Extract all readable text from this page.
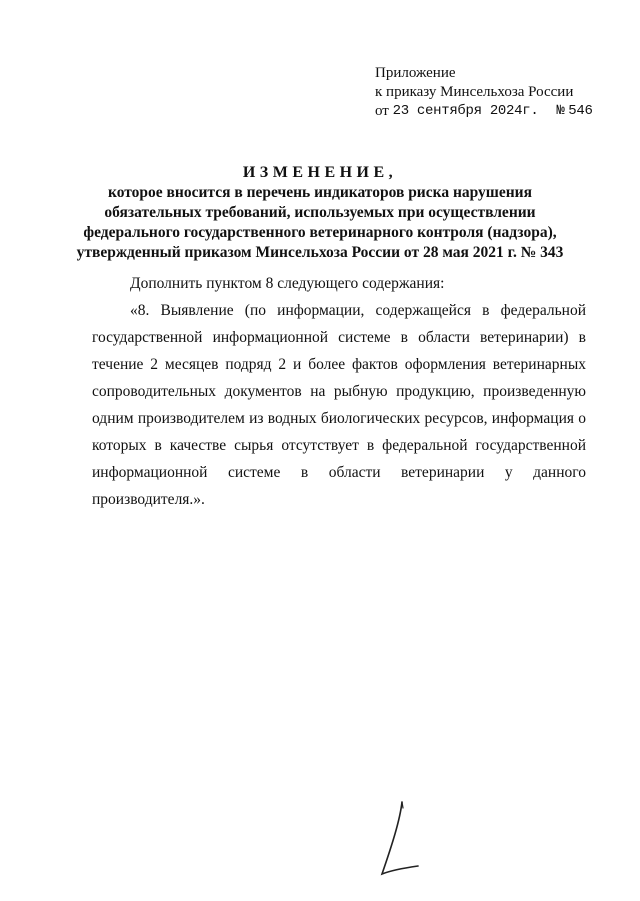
Приложение
к приказу Минсельхоза России
от
23 сентября 2024г. №
546
ИЗМЕНЕНИЕ,
которое вносится в перечень индикаторов риска нарушения
обязательных требований, используемых при осуществлении
федерального государственного ветеринарного контроля (надзора),
утвержденный приказом Минсельхоза России от 28 мая 2021 г. № 343

Дополнить пунктом 8 следующего содержания:

«8. Выявление (по информации, содержащейся в федеральной государственной информационной системе в области ветеринарии) в течение 2 месяцев подряд 2 и более фактов оформления ветеринарных сопроводительных документов на рыбную продукцию, произведенную одним производителем из водных биологических ресурсов, информация о которых в качестве сырья отсутствует в федеральной государственной информационной системе в области ветеринарии у данного производителя.».
